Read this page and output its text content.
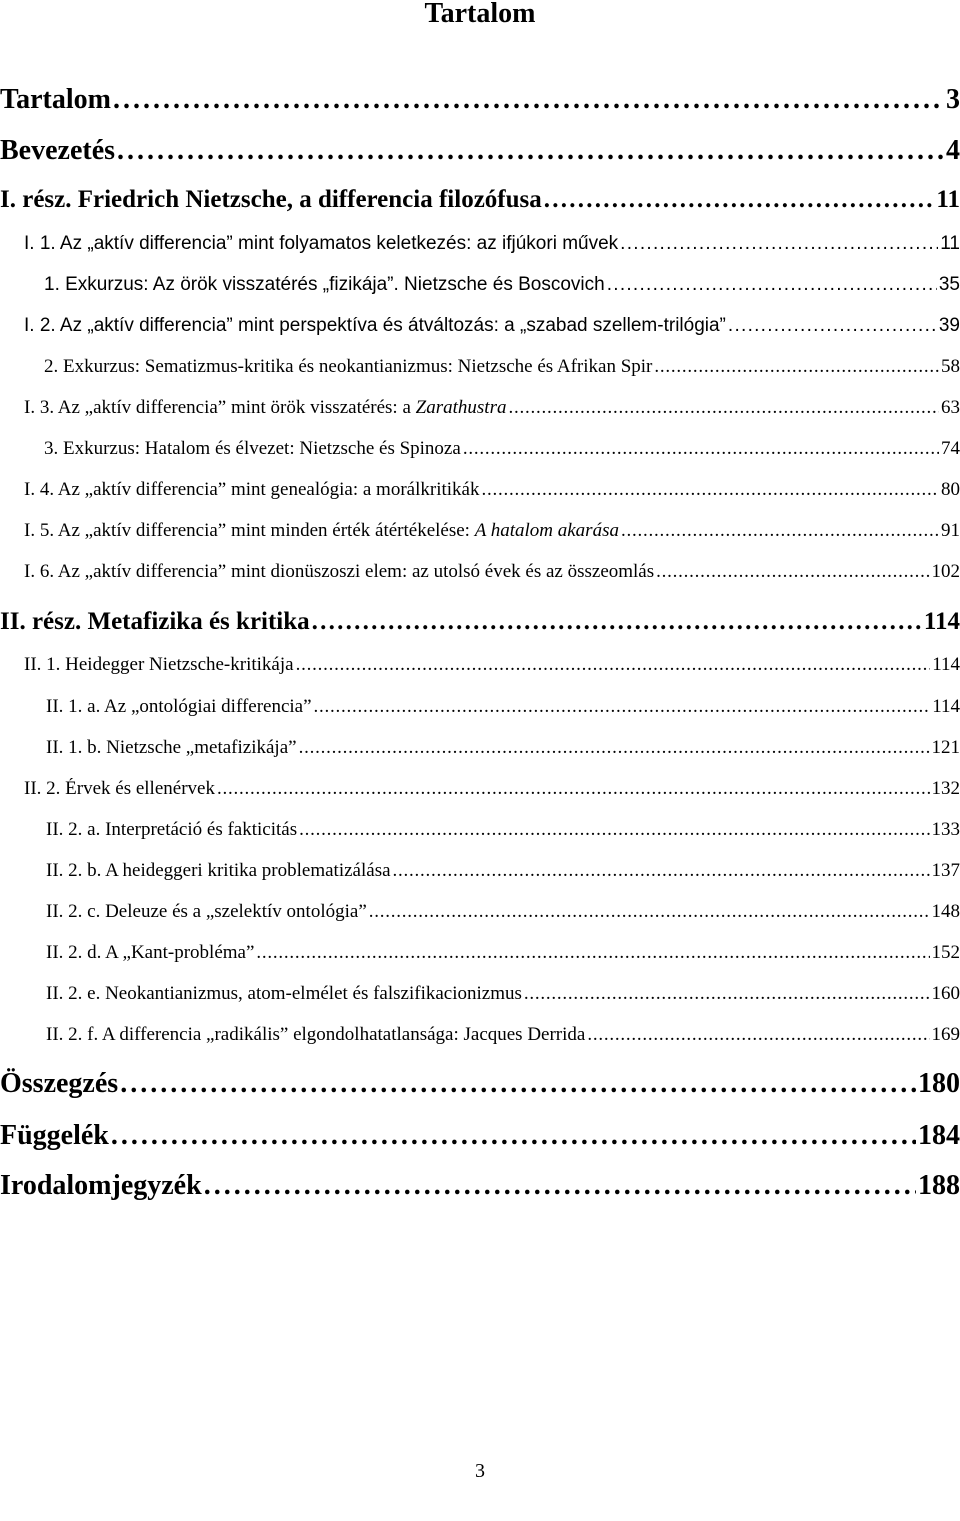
Tartalom
Tartalom . . .	3
Bevezetés . . .	4
I. rész. Friedrich Nietzsche, a differencia filozófusa . . .	11
I. 1. Az „aktív differencia” mint folyamatos keletkezés: az ifjúkori művek . . .	11
1. Exkurzus: Az örök visszatérés „fizikája”. Nietzsche és Boscovich . . .	35
I. 2. Az „aktív differencia” mint perspektíva és átváltozás: a „szabad szellem-trilógia” . . .	39
2. Exkurzus: Sematizmus-kritika és neokantianizmus: Nietzsche és Afrikan Spir . . .	58
I. 3. Az „aktív differencia” mint örök visszatérés: a Zarathustra . . .	63
3. Exkurzus: Hatalom és élvezet: Nietzsche és Spinoza . . .	74
I. 4. Az „aktív differencia” mint genealógia: a morálkritikák . . .	80
I. 5. Az „aktív differencia” mint minden érték átértékelése: A hatalom akarása . . .	91
I. 6. Az „aktív differencia” mint dionüszoszi elem: az utolsó évek és az összeomlás . . .	102
II. rész. Metafizika és kritika . . .	114
II. 1. Heidegger Nietzsche-kritikája . . .	114
II. 1. a. Az „ontológiai differencia” . . .	114
II. 1. b. Nietzsche „metafizikája” . . .	121
II. 2. Érvek és ellenérvek . . .	132
II. 2. a. Interpretáció és fakticitás . . .	133
II. 2. b. A heideggeri kritika problematizálása . . .	137
II. 2. c. Deleuze és a „szelektív ontológia” . . .	148
II. 2. d. A „Kant-probléma” . . .	152
II. 2. e. Neokantianizmus, atom-elmélet és falszifikacionizmus . . .	160
II. 2. f. A differencia „radikális” elgondolhatatlansága: Jacques Derrida . . .	169
Összegzés . . .	180
Függelék . . .	184
Irodalomjegyzék . . .	188
3
